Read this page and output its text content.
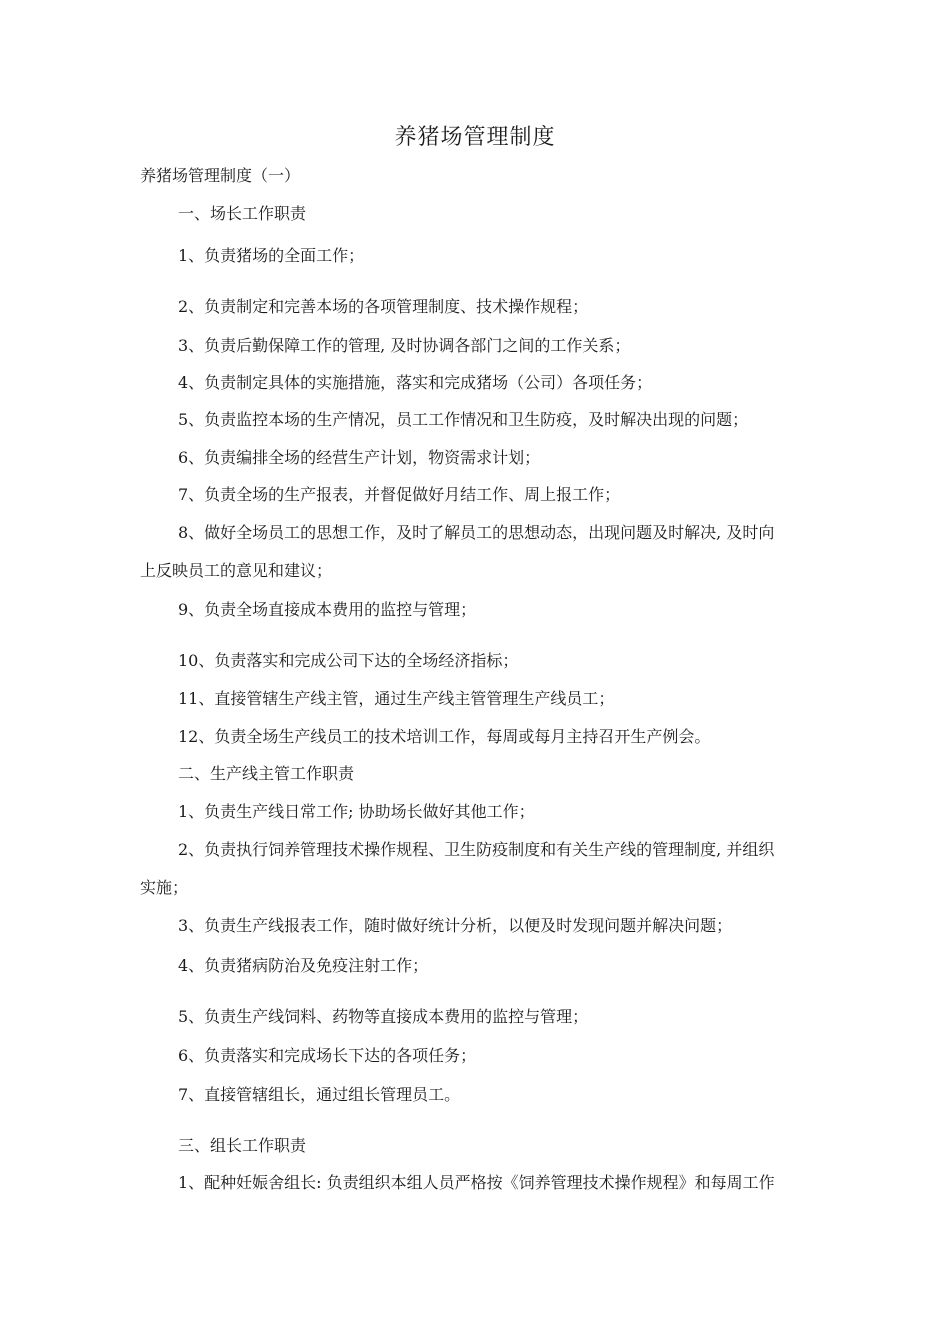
养猪场管理制度
养猪场管理制度（一）
一、场长工作职责
1、负责猪场的全面工作；
2、负责制定和完善本场的各项管理制度、技术操作规程；
3、负责后勤保障工作的管理, 及时协调各部门之间的工作关系；
4、负责制定具体的实施措施，落实和完成猪场（公司）各项任务；
5、负责监控本场的生产情况，员工工作情况和卫生防疫，及时解决出现的问题；
6、负责编排全场的经营生产计划，物资需求计划；
7、负责全场的生产报表，并督促做好月结工作、周上报工作；
8、做好全场员工的思想工作，及时了解员工的思想动态，出现问题及时解决, 及时向
上反映员工的意见和建议；
9、负责全场直接成本费用的监控与管理；
10、负责落实和完成公司下达的全场经济指标；
11、直接管辖生产线主管，通过生产线主管管理生产线员工；
12、负责全场生产线员工的技术培训工作，每周或每月主持召开生产例会。
二、生产线主管工作职责
1、负责生产线日常工作; 协助场长做好其他工作；
2、负责执行饲养管理技术操作规程、卫生防疫制度和有关生产线的管理制度, 并组织
实施；
3、负责生产线报表工作，随时做好统计分析，以便及时发现问题并解决问题；
4、负责猪病防治及免疫注射工作；
5、负责生产线饲料、药物等直接成本费用的监控与管理；
6、负责落实和完成场长下达的各项任务；
7、直接管辖组长，通过组长管理员工。
三、组长工作职责
1、配种妊娠舍组长: 负责组织本组人员严格按《饲养管理技术操作规程》和每周工作
